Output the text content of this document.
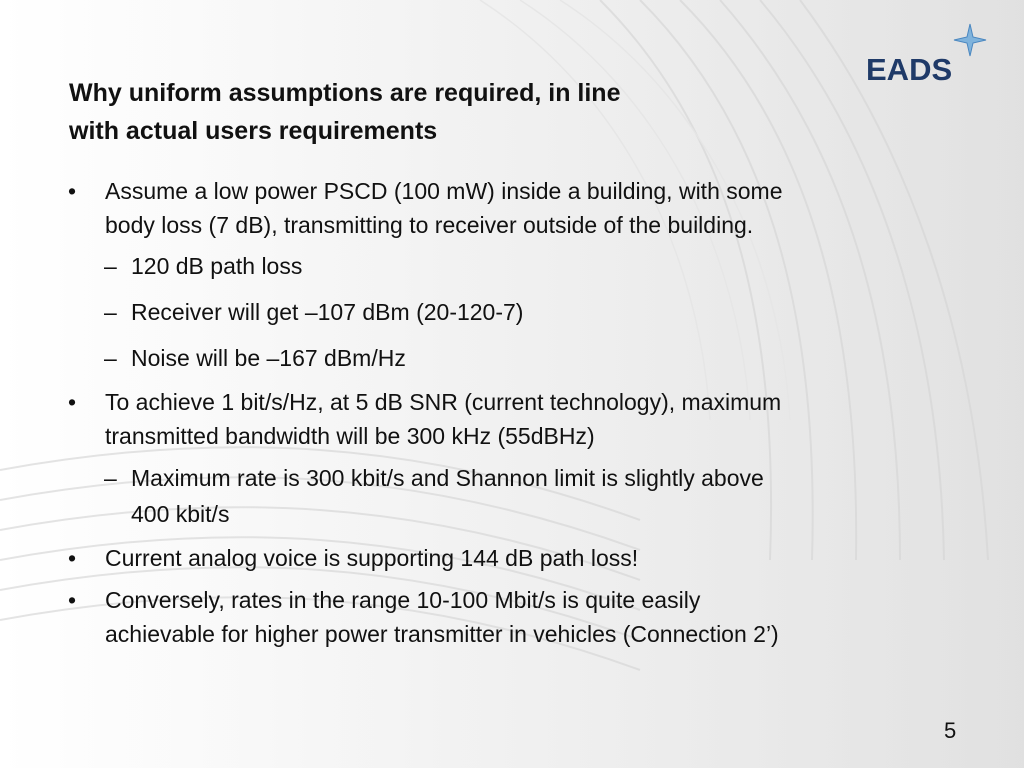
EADS
Why uniform assumptions are required, in line
with actual users requirements
•	Assume a low power PSCD (100 mW) inside a building, with some
body loss (7 dB), transmitting to receiver outside of the building.
– 120 dB path loss
– Receiver will get –107 dBm (20-120-7)
– Noise will be –167 dBm/Hz
•	To achieve 1 bit/s/Hz, at 5 dB SNR (current technology), maximum
transmitted bandwidth will be 300 kHz (55dBHz)
– Maximum rate is 300 kbit/s and Shannon limit is slightly above
400 kbit/s
•	Current analog voice is supporting 144 dB path loss!
•	Conversely, rates in the range 10-100 Mbit/s is quite easily
achievable for higher power transmitter in vehicles (Connection 2’)
5
